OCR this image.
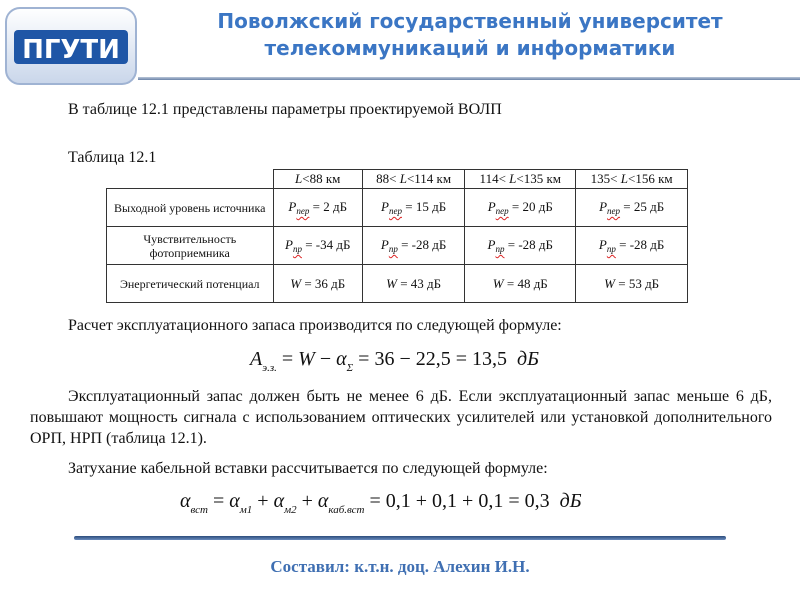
ПГУТИ
Поволжский государственный университет
телекоммуникаций и информатики
В таблице 12.1 представлены параметры проектируемой ВОЛП
Таблица 12.1
	L<88 км	88< L<114 км	114< L<135 км	135< L<156 км
Выходной уровень источника	$P_{пер} = 2$ дБ	$P_{пер} = 15$ дБ	$P_{пер} = 20$ дБ	$P_{пер} = 25$ дБ
Чувствительность фотоприемника	$P_{пр} = -34$ дБ	$P_{пр} = -28$ дБ	$P_{пр} = -28$ дБ	$P_{пр} = -28$ дБ
Энергетический потенциал	W = 36 дБ	W = 43 дБ	W = 48 дБ	W = 53 дБ
Расчет эксплуатационного запаса производится по следующей формуле:
$A_{э.з.} = W - \alpha_\Sigma = 36 - 22,5 = 13,5$ дБ
Эксплуатационный запас должен быть не менее 6 дБ. Если эксплуатационный запас меньше 6 дБ, повышают мощность сигнала с использованием оптических усилителей или установкой дополнительного ОРП, НРП (таблица 12.1).
Затухание кабельной вставки рассчитывается по следующей формуле:
$\alpha_{вст} = \alpha_{м1} + \alpha_{м2} + \alpha_{каб.вст} = 0,1 + 0,1 + 0,1 = 0,3$ дБ
Составил: к.т.н. доц. Алехин И.Н.
